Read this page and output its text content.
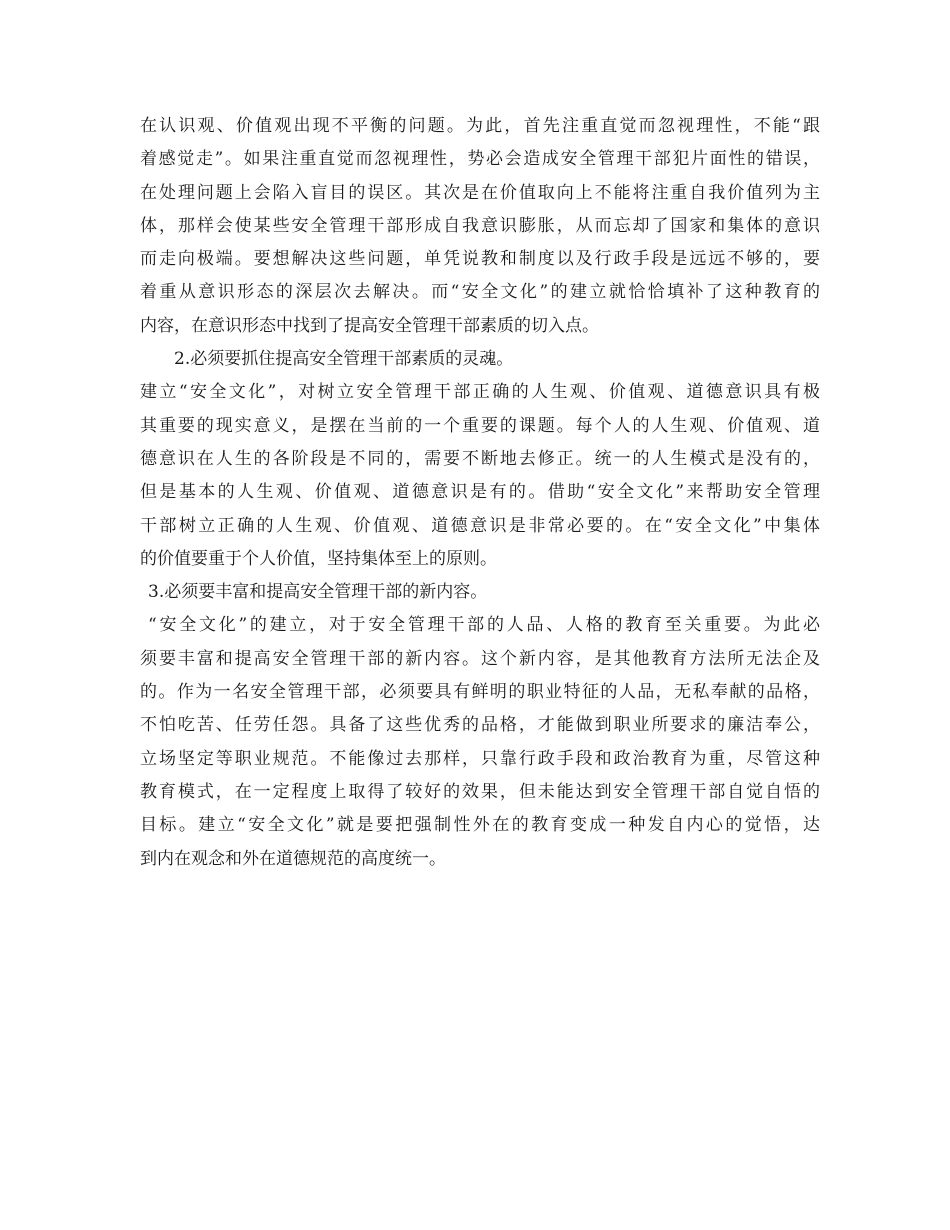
在认识观、价值观出现不平衡的问题。为此，首先注重直觉而忽视理性，不能“跟
着感觉走”。如果注重直觉而忽视理性，势必会造成安全管理干部犯片面性的错误，
在处理问题上会陷入盲目的误区。其次是在价值取向上不能将注重自我价值列为主
体，那样会使某些安全管理干部形成自我意识膨胀，从而忘却了国家和集体的意识
而走向极端。要想解决这些问题，单凭说教和制度以及行政手段是远远不够的，要
着重从意识形态的深层次去解决。而“安全文化”的建立就恰恰填补了这种教育的
内容，在意识形态中找到了提高安全管理干部素质的切入点。
2.必须要抓住提高安全管理干部素质的灵魂。
建立“安全文化”，对树立安全管理干部正确的人生观、价值观、道德意识具有极
其重要的现实意义，是摆在当前的一个重要的课题。每个人的人生观、价值观、道
德意识在人生的各阶段是不同的，需要不断地去修正。统一的人生模式是没有的，
但是基本的人生观、价值观、道德意识是有的。借助“安全文化”来帮助安全管理
干部树立正确的人生观、价值观、道德意识是非常必要的。在“安全文化”中集体
的价值要重于个人价值，坚持集体至上的原则。
3.必须要丰富和提高安全管理干部的新内容。
“安全文化”的建立，对于安全管理干部的人品、人格的教育至关重要。为此必
须要丰富和提高安全管理干部的新内容。这个新内容，是其他教育方法所无法企及
的。作为一名安全管理干部，必须要具有鲜明的职业特征的人品，无私奉献的品格，
不怕吃苦、任劳任怨。具备了这些优秀的品格，才能做到职业所要求的廉洁奉公，
立场坚定等职业规范。不能像过去那样，只靠行政手段和政治教育为重，尽管这种
教育模式，在一定程度上取得了较好的效果，但未能达到安全管理干部自觉自悟的
目标。建立“安全文化”就是要把强制性外在的教育变成一种发自内心的觉悟，达
到内在观念和外在道德规范的高度统一。
